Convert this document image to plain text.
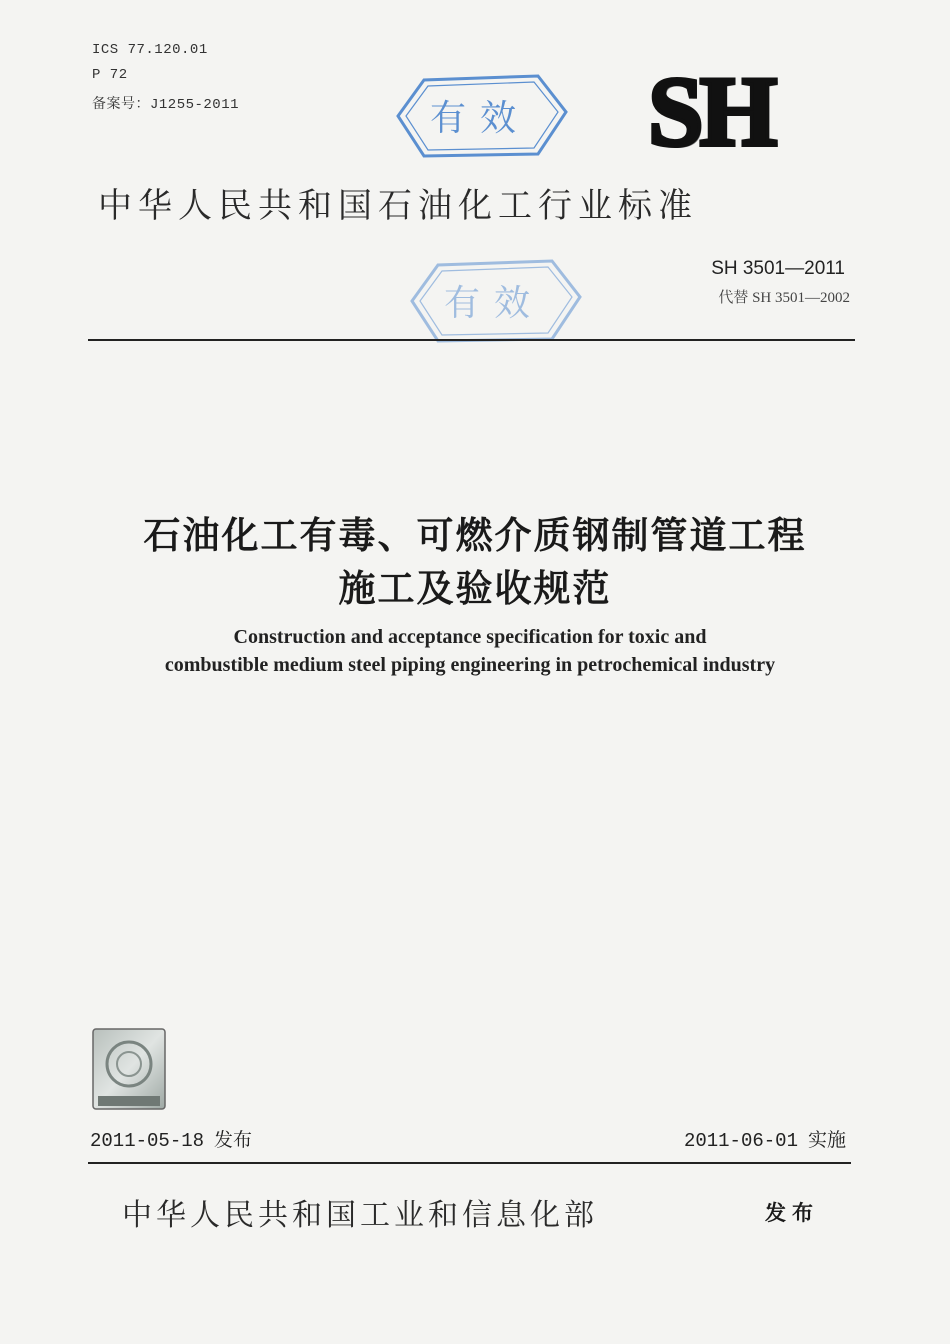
ICS 77.120.01
P 72
备案号：J1255-2011	SH
有效
中华人民共和国石油化工行业标准
有效
SH 3501—2011
代替 SH 3501—2002
石油化工有毒、可燃介质钢制管道工程
施工及验收规范
Construction and acceptance specification for toxic and
combustible medium steel piping engineering in petrochemical industry
2011-05-18 发布	2011-06-01 实施
中华人民共和国工业和信息化部	发布
